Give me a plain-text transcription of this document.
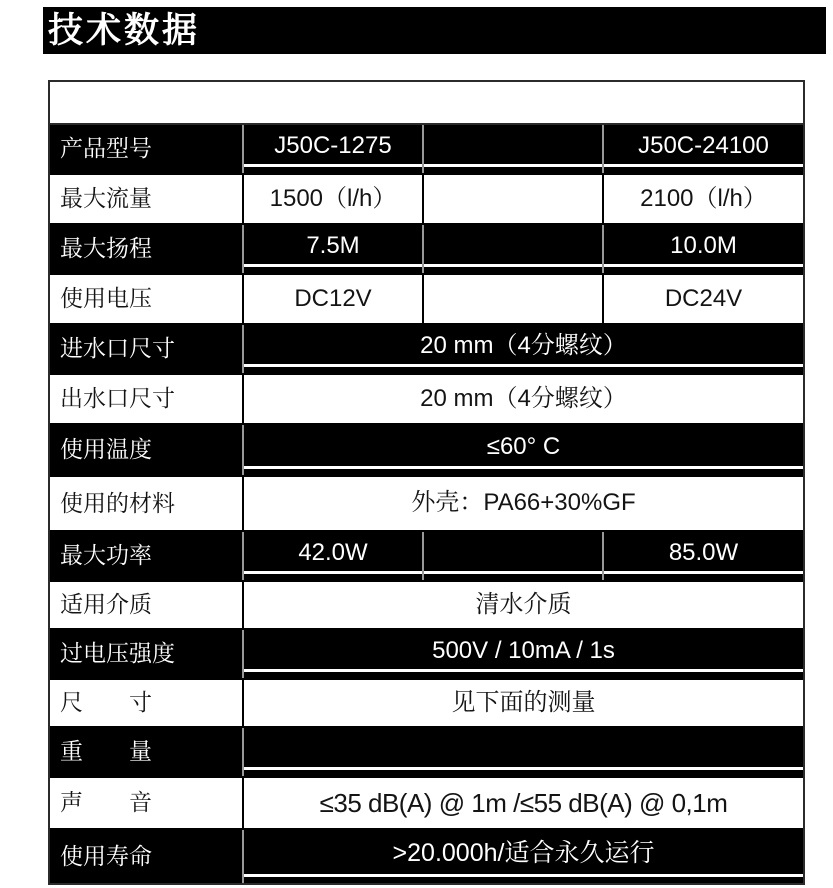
技术数据
产品型号	J50C-1275	J50C-24100
最大流量	1500（l/h）	2100（l/h）
最大扬程	7.5M	10.0M
使用电压	DC12V	DC24V
进水口尺寸	20 mm（4分螺纹）
出水口尺寸	20 mm（4分螺纹）
使用温度	≤60° C
使用的材料	外壳：PA66+30%GF
最大功率	42.0W	85.0W
适用介质	清水介质
过电压强度	500V / 10mA / 1s
尺　　寸	见下面的测量
重　　量
声　　音	≤35 dB(A) @ 1m /≤55 dB(A) @ 0,1m
使用寿命	>20.000h/适合永久运行
